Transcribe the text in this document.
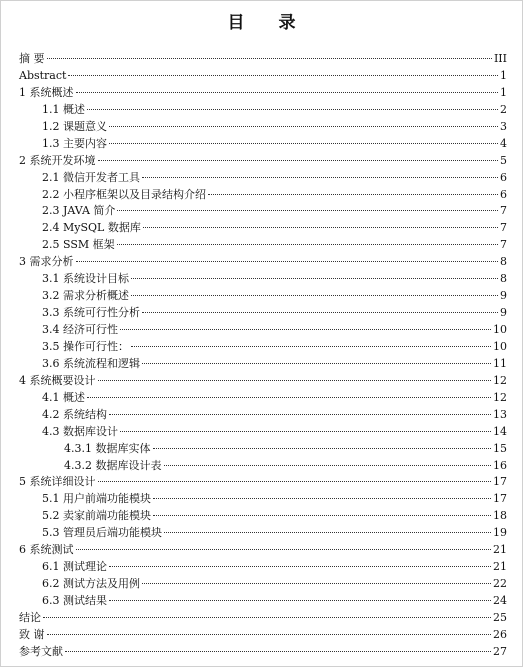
目 录
摘 要	III
Abstract	1
1 系统概述	1
1.1 概述	2
1.2 课题意义	3
1.3 主要内容	4
2 系统开发环境	5
2.1 微信开发者工具	6
2.2 小程序框架以及目录结构介绍	6
2.3 JAVA 简介	7
2.4 MySQL 数据库	7
2.5 SSM 框架	7
3 需求分析	8
3.1 系统设计目标	8
3.2 需求分析概述	9
3.3 系统可行性分析	9
3.4 经济可行性	10
3.5 操作可行性：	10
3.6 系统流程和逻辑	11
4 系统概要设计	12
4.1 概述	12
4.2 系统结构	13
4.3 数据库设计	14
4.3.1 数据库实体	15
4.3.2 数据库设计表	16
5 系统详细设计	17
5.1 用户前端功能模块	17
5.2 卖家前端功能模块	18
5.3 管理员后端功能模块	19
6 系统测试	21
6.1 测试理论	21
6.2 测试方法及用例	22
6.3 测试结果	24
结论	25
致 谢	26
参考文献	27
